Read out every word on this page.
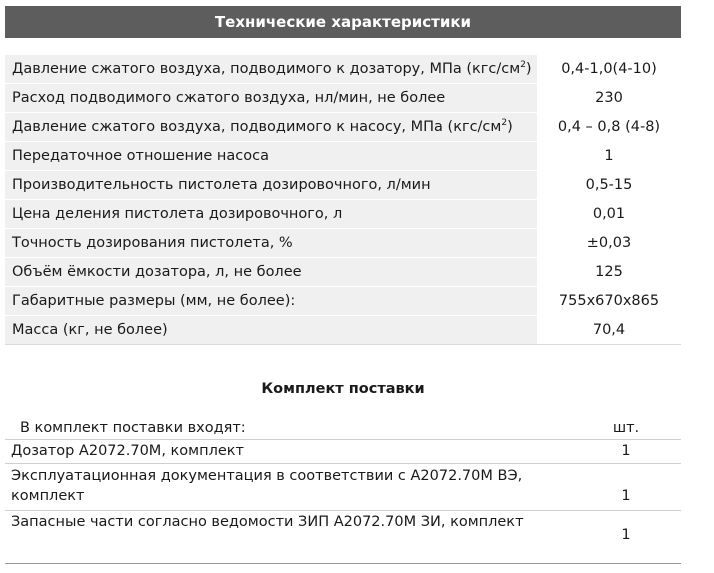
Технические характеристики
Давление сжатого воздуха, подводимого к дозатору, МПа $(кгс/см^2)$	0,4-1,0(4-10)
Расход подводимого сжатого воздуха, нл/мин, не более	230
Давление сжатого воздуха, подводимого к насосу, МПа $(кгс/см^2)$	0,4 – 0,8 (4-8)
Передаточное отношение насоса	1
Производительность пистолета дозировочного, л/мин	0,5-15
Цена деления пистолета дозировочного, л	0,01
Точность дозирования пистолета, %	±0,03
Объём ёмкости дозатора, л, не более	125
Габаритные размеры (мм, не более):	755х670х865
Масса (кг, не более)	70,4
Комплект поставки
В комплект поставки входят:	шт.
Дозатор А2072.70М, комплект	1
Эксплуатационная документация в соответствии с А2072.70М ВЭ, комплект	1
Запасные части согласно ведомости ЗИП А2072.70М ЗИ, комплект	1
